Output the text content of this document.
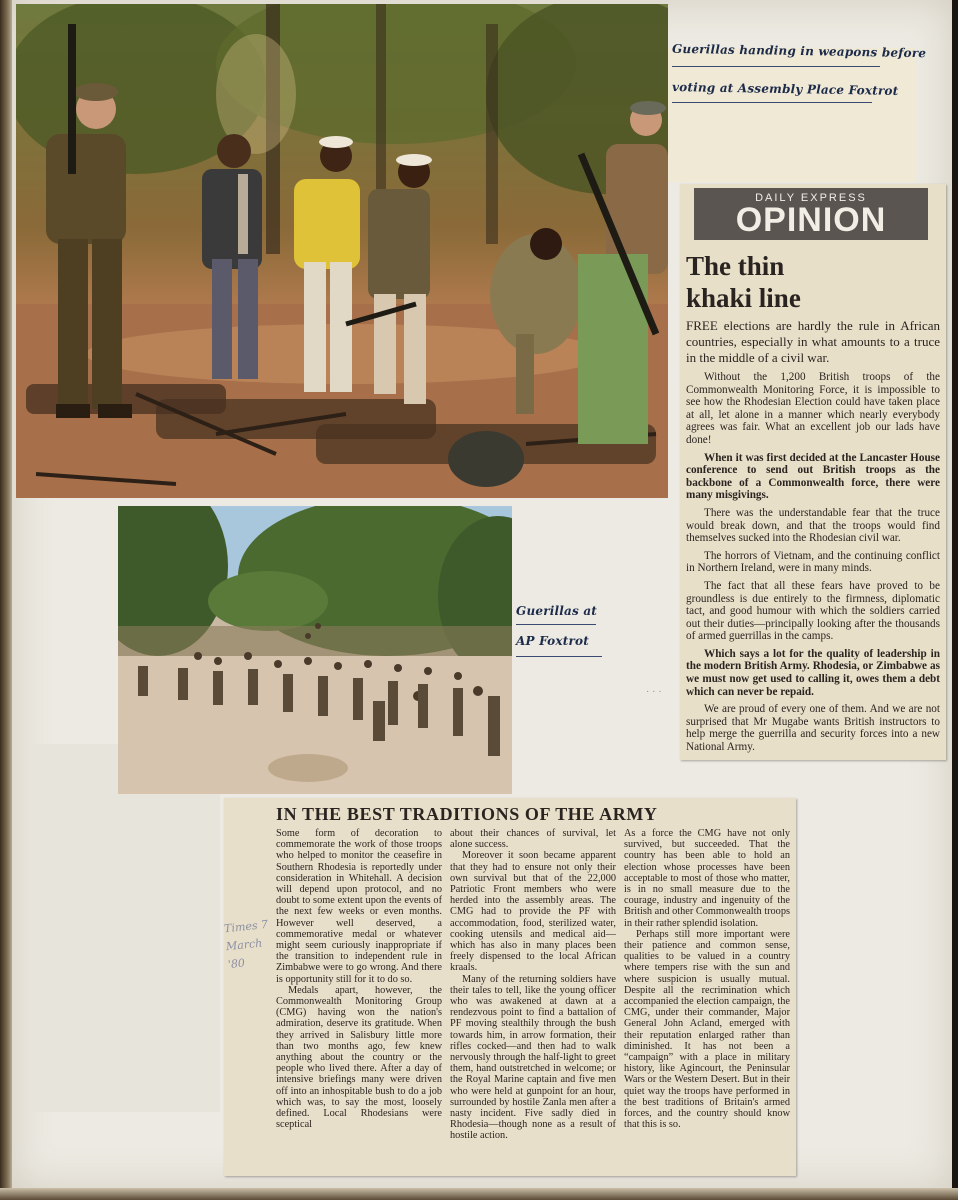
Guerillas handing in weapons before
voting at Assembly Place Foxtrot
Guerillas at
AP Foxtrot
· · ·
DAILY EXPRESS
OPINION
The thin
khaki line

FREE elections are hardly the rule in African countries, especially in what amounts to a truce in the middle of a civil war.

Without the 1,200 British troops of the Commonwealth Monitoring Force, it is impossible to see how the Rhodesian Election could have taken place at all, let alone in a manner which nearly everybody agrees was fair. What an excellent job our lads have done!

When it was first decided at the Lancaster House conference to send out British troops as the backbone of a Commonwealth force, there were many misgivings.

There was the understandable fear that the truce would break down, and that the troops would find themselves sucked into the Rhodesian civil war.

The horrors of Vietnam, and the continuing conflict in Northern Ireland, were in many minds.

The fact that all these fears have proved to be groundless is due entirely to the firmness, diplomatic tact, and good humour with which the soldiers carried out their duties—principally looking after the thousands of armed guerrillas in the camps.

Which says a lot for the quality of leadership in the modern British Army. Rhodesia, or Zimbabwe as we must now get used to calling it, owes them a debt which can never be repaid.

We are proud of every one of them. And we are not surprised that Mr Mugabe wants British instructors to help merge the guerrilla and security forces into a new National Army.

Times 7 March '80
IN THE BEST TRADITIONS OF THE ARMY

Some form of decoration to commemorate the work of those troops who helped to monitor the ceasefire in Southern Rhodesia is reportedly under consideration in Whitehall. A decision will depend upon protocol, and no doubt to some extent upon the events of the next few weeks or even months. However well deserved, a commemorative medal or whatever might seem curiously inappropriate if the transition to independent rule in Zimbabwe were to go wrong. And there is opportunity still for it to do so.

Medals apart, however, the Commonwealth Monitoring Group (CMG) having won the nation's admiration, deserve its gratitude. When they arrived in Salisbury little more than two months ago, few knew anything about the country or the people who lived there. After a day of intensive briefings many were driven off into an inhospitable bush to do a job which was, to say the most, loosely defined. Local Rhodesians were sceptical

about their chances of survival, let alone success.

Moreover it soon became apparent that they had to ensure not only their own survival but that of the 22,000 Patriotic Front members who were herded into the assembly areas. The CMG had to provide the PF with accommodation, food, sterilized water, cooking utensils and medical aid—which has also in many places been freely dispensed to the local African kraals.

Many of the returning soldiers have their tales to tell, like the young officer who was awakened at dawn at a rendezvous point to find a battalion of PF moving stealthily through the bush towards him, in arrow formation, their rifles cocked—and then had to walk nervously through the half-light to greet them, hand outstretched in welcome; or the Royal Marine captain and five men who were held at gunpoint for an hour, surrounded by hostile Zanla men after a nasty incident. Five sadly died in Rhodesia—though none as a result of hostile action.

As a force the CMG have not only survived, but succeeded. That the country has been able to hold an election whose processes have been acceptable to most of those who matter, is in no small measure due to the courage, industry and ingenuity of the British and other Commonwealth troops in their rather splendid isolation.

Perhaps still more important were their patience and common sense, qualities to be valued in a country where tempers rise with the sun and where suspicion is usually mutual. Despite all the recrimination which accompanied the election campaign, the CMG, under their commander, Major General John Acland, emerged with their reputation enlarged rather than diminished. It has not been a “campaign” with a place in military history, like Agincourt, the Peninsular Wars or the Western Desert. But in their quiet way the troops have performed in the best traditions of Britain's armed forces, and the country should know that this is so.
